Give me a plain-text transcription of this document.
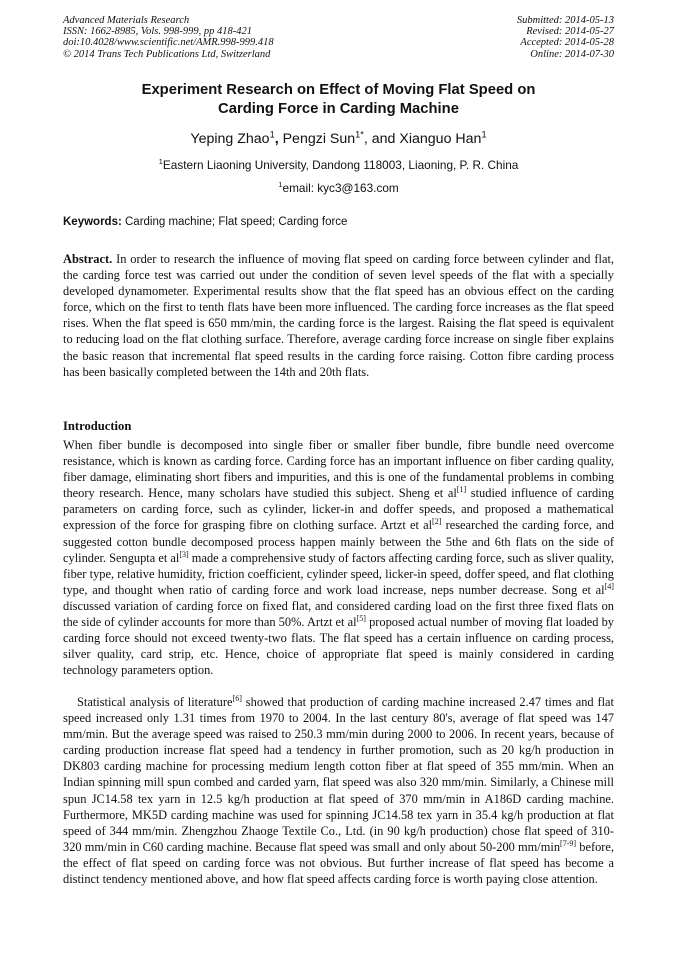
Advanced Materials Research
ISSN: 1662-8985, Vols. 998-999, pp 418-421
doi:10.4028/www.scientific.net/AMR.998-999.418
© 2014 Trans Tech Publications Ltd, Switzerland
Submitted: 2014-05-13
Revised: 2014-05-27
Accepted: 2014-05-28
Online: 2014-07-30
Experiment Research on Effect of Moving Flat Speed on
Carding Force in Carding Machine
Yeping Zhao$^1$, Pengzi Sun$^{1*}$, and Xianguo Han$^1$
$^1$Eastern Liaoning University, Dandong 118003, Liaoning, P. R. China
$^1$email: kyc3@163.com
Keywords: Carding machine; Flat speed; Carding force
Abstract. In order to research the influence of moving flat speed on carding force between cylinder and flat, the carding force test was carried out under the condition of seven level speeds of the flat with a specially developed dynamometer. Experimental results show that the flat speed has an obvious effect on the carding force, which on the first to tenth flats have been more influenced. The carding force increases as the flat speed rises. When the flat speed is 650 mm/min, the carding force is the largest. Raising the flat speed is equivalent to reducing load on the flat clothing surface. Therefore, average carding force increase on single fiber explains the basic reason that incremental flat speed results in the carding force raising. Cotton fibre carding process has been basically completed between the 14th and 20th flats.
Introduction
When fiber bundle is decomposed into single fiber or smaller fiber bundle, fibre bundle need overcome resistance, which is known as carding force. Carding force has an important influence on fiber carding quality, fiber damage, eliminating short fibers and impurities, and this is one of the fundamental problems in combing theory research. Hence, many scholars have studied this subject. Sheng et al[1] studied influence of carding parameters on carding force, such as cylinder, licker-in and doffer speeds, and proposed a mathematical expression of the force for grasping fibre on clothing surface. Artzt et al[2] researched the carding force, and suggested cotton bundle decomposed process happen mainly between the 5the and 6th flats on the side of cylinder. Sengupta et al[3] made a comprehensive study of factors affecting carding force, such as sliver quality, fiber type, relative humidity, friction coefficient, cylinder speed, licker-in speed, doffer speed, and flat clothing type, and thought when ratio of carding force and work load increase, neps number decrease. Song et al[4] discussed variation of carding force on fixed flat, and considered carding load on the first three fixed flats on the side of cylinder accounts for more than 50%. Artzt et al[5] proposed actual number of moving flat loaded by carding force should not exceed twenty-two flats. The flat speed has a certain influence on carding process, silver quality, card strip, etc. Hence, choice of appropriate flat speed is mainly considered in carding technology parameters option.
Statistical analysis of literature[6] showed that production of carding machine increased 2.47 times and flat speed increased only 1.31 times from 1970 to 2004. In the last century 80's, average of flat speed was 147 mm/min. But the average speed was raised to 250.3 mm/min during 2000 to 2006. In recent years, because of carding production increase flat speed had a tendency in further promotion, such as 20 kg/h production in DK803 carding machine for processing medium length cotton fiber at flat speed of 355 mm/min. When an Indian spinning mill spun combed and carded yarn, flat speed was also 320 mm/min. Similarly, a Chinese mill spun JC14.58 tex yarn in 12.5 kg/h production at flat speed of 370 mm/min in A186D carding machine. Furthermore, MK5D carding machine was used for spinning JC14.58 tex yarn in 35.4 kg/h production at flat speed of 344 mm/min. Zhengzhou Zhaoge Textile Co., Ltd. (in 90 kg/h production) chose flat speed of 310-320 mm/min in C60 carding machine. Because flat speed was small and only about 50-200 mm/min[7-9] before, the effect of flat speed on carding force was not obvious. But further increase of flat speed has become a distinct tendency mentioned above, and how flat speed affects carding force is worth paying close attention.
